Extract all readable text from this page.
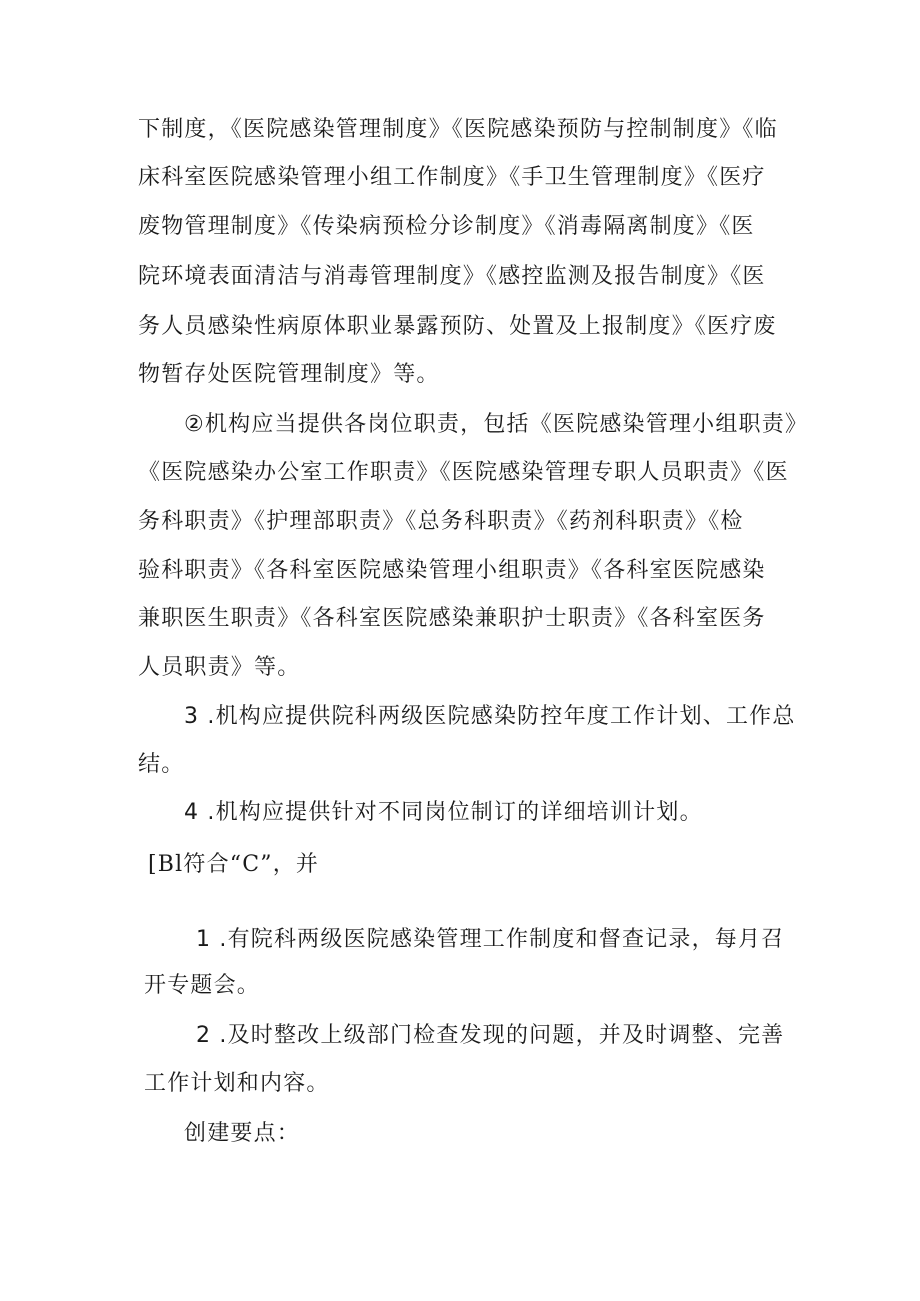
下制度，《医院感染管理制度》《医院感染预防与控制制度》《临
床科室医院感染管理小组工作制度》《手卫生管理制度》《医疗
废物管理制度》《传染病预检分诊制度》《消毒隔离制度》《医
院环境表面清洁与消毒管理制度》《感控监测及报告制度》《医
务人员感染性病原体职业暴露预防、处置及上报制度》《医疗废
物暂存处医院管理制度》等。
②机构应当提供各岗位职责，包括《医院感染管理小组职责》
《医院感染办公室工作职责》《医院感染管理专职人员职责》《医
务科职责》《护理部职责》《总务科职责》《药剂科职责》《检
验科职责》《各科室医院感染管理小组职责》《各科室医院感染
兼职医生职责》《各科室医院感染兼职护士职责》《各科室医务
人员职责》等。
3 .机构应提供院科两级医院感染防控年度工作计划、工作总
结。
4 .机构应提供针对不同岗位制订的详细培训计划。
[Bl符合“C”，并
1 .有院科两级医院感染管理工作制度和督查记录，每月召
开专题会。
2 .及时整改上级部门检查发现的问题，并及时调整、完善
工作计划和内容。
创建要点：
